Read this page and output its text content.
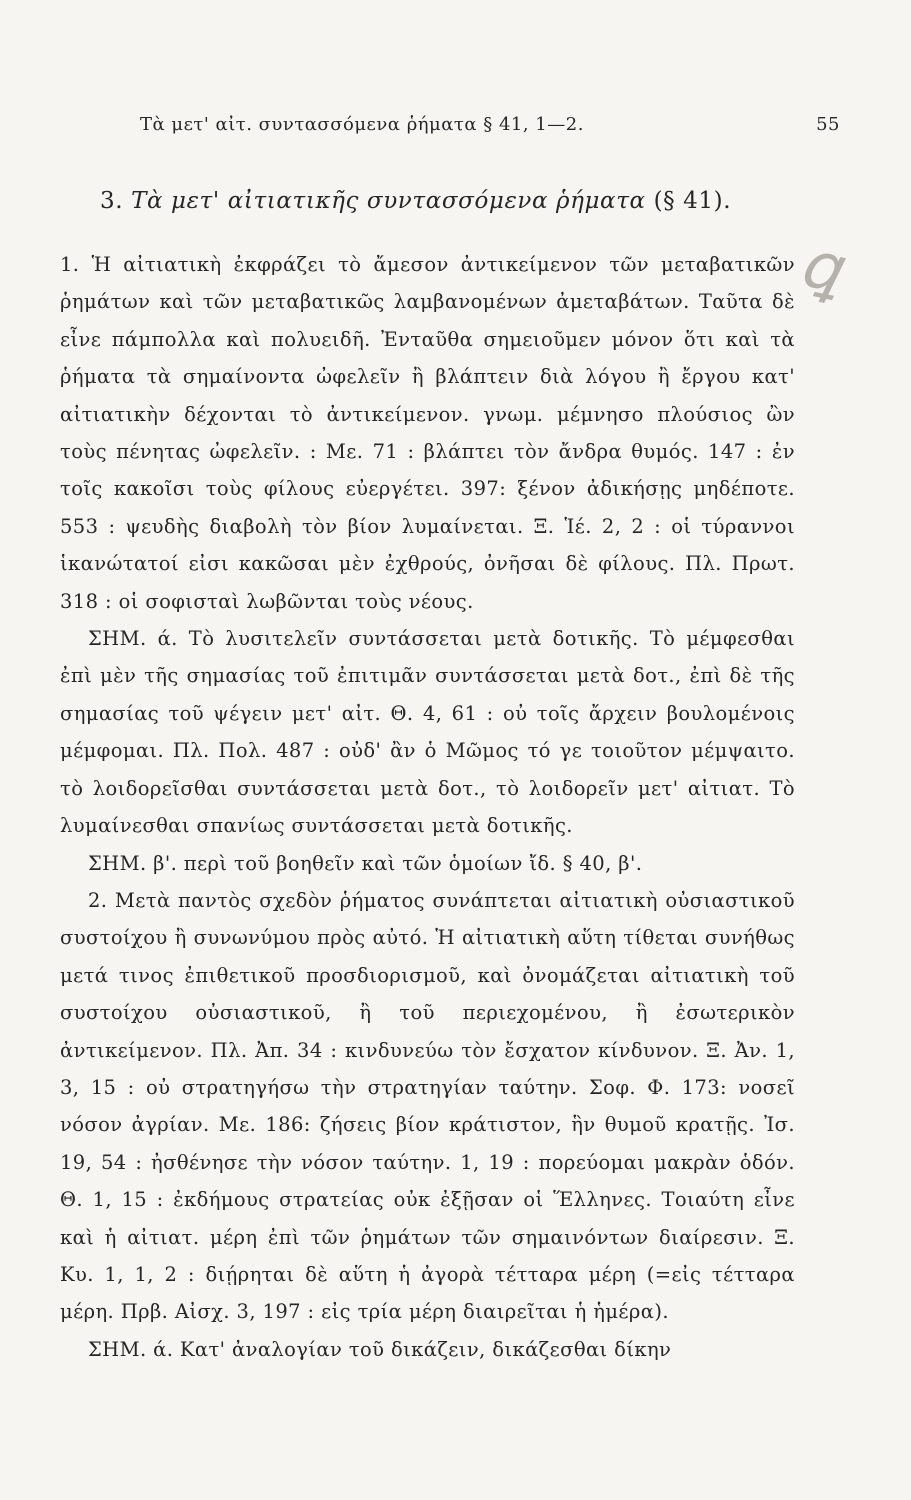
Τὰ μετ' αἰτ. συντασσόμενα ῥήματα § 41, 1—2.	55
3. Τὰ μετ' αἰτιατικῆς συντασσόμενα ῥήματα (§ 41).
ꝗ

1. Ἡ αἰτιατικὴ ἐκφράζει τὸ ἄμεσον ἀντικείμενον τῶν μεταβατικῶν ῥημάτων καὶ τῶν μεταβατικῶς λαμβανομένων ἀμεταβάτων. Ταῦτα δὲ εἶνε πάμπολλα καὶ πολυειδῆ. Ἐνταῦθα σημειοῦμεν μόνον ὅτι καὶ τὰ ῥήματα τὰ σημαίνοντα ὠφελεῖν ἢ βλάπτειν διὰ λόγου ἢ ἔργου κατ' αἰτιατικὴν δέχονται τὸ ἀντικείμενον. γνωμ. μέμνησο πλούσιος ὢν τοὺς πένητας ὠφελεῖν. : Με. 71 : βλάπτει τὸν ἄνδρα θυμός. 147 : ἐν τοῖς κακοῖσι τοὺς φίλους εὐεργέτει. 397: ξένον ἀδικήσῃς μηδέποτε. 553 : ψευδὴς διαβολὴ τὸν βίον λυμαίνεται. Ξ. Ἱέ. 2, 2 : οἱ τύραννοι ἱκανώτατοί εἰσι κακῶσαι μὲν ἐχθρούς, ὀνῆσαι δὲ φίλους. Πλ. Πρωτ. 318 : οἱ σοφισταὶ λωβῶνται τοὺς νέους.

ΣΗΜ. ά. Τὸ λυσιτελεῖν συντάσσεται μετὰ δοτικῆς. Τὸ μέμφεσθαι ἐπὶ μὲν τῆς σημασίας τοῦ ἐπιτιμᾶν συντάσσεται μετὰ δοτ., ἐπὶ δὲ τῆς σημασίας τοῦ ψέγειν μετ' αἰτ. Θ. 4, 61 : οὐ τοῖς ἄρχειν βουλομένοις μέμφομαι. Πλ. Πολ. 487 : οὐδ' ἂν ὁ Μῶμος τό γε τοιοῦτον μέμψαιτο. τὸ λοιδορεῖσθαι συντάσσεται μετὰ δοτ., τὸ λοιδορεῖν μετ' αἰτιατ. Τὸ λυμαίνεσθαι σπανίως συντάσσεται μετὰ δοτικῆς.

ΣΗΜ. β'. περὶ τοῦ βοηθεῖν καὶ τῶν ὁμοίων ἴδ. § 40, β'.

2. Μετὰ παντὸς σχεδὸν ῥήματος συνάπτεται αἰτιατικὴ οὐσιαστικοῦ συστοίχου ἢ συνωνύμου πρὸς αὐτό. Ἡ αἰτιατικὴ αὕτη τίθεται συνήθως μετά τινος ἐπιθετικοῦ προσδιορισμοῦ, καὶ ὀνομάζεται αἰτιατικὴ τοῦ συστοίχου οὐσιαστικοῦ, ἢ τοῦ περιεχομένου, ἢ ἐσωτερικὸν ἀντικείμενον. Πλ. Ἀπ. 34 : κινδυνεύω τὸν ἔσχατον κίνδυνον. Ξ. Ἀν. 1, 3, 15 : οὐ στρατηγήσω τὴν στρατηγίαν ταύτην. Σοφ. Φ. 173: νοσεῖ νόσον ἀγρίαν. Με. 186: ζήσεις βίον κράτιστον, ἣν θυμοῦ κρατῇς. Ἰσ. 19, 54 : ἠσθένησε τὴν νόσον ταύτην. 1, 19 : πορεύομαι μακρὰν ὁδόν. Θ. 1, 15 : ἐκδήμους στρατείας οὐκ ἐξῇσαν οἱ Ἕλληνες. Τοιαύτη εἶνε καὶ ἡ αἰτιατ. μέρη ἐπὶ τῶν ῥημάτων τῶν σημαινόντων διαίρεσιν. Ξ. Κυ. 1, 1, 2 : διῄρηται δὲ αὕτη ἡ ἀγορὰ τέτταρα μέρη (=εἰς τέτταρα μέρη. Πρβ. Αἰσχ. 3, 197 : εἰς τρία μέρη διαιρεῖται ἡ ἡμέρα).

ΣΗΜ. ά. Κατ' ἀναλογίαν τοῦ δικάζειν, δικάζεσθαι δίκην
